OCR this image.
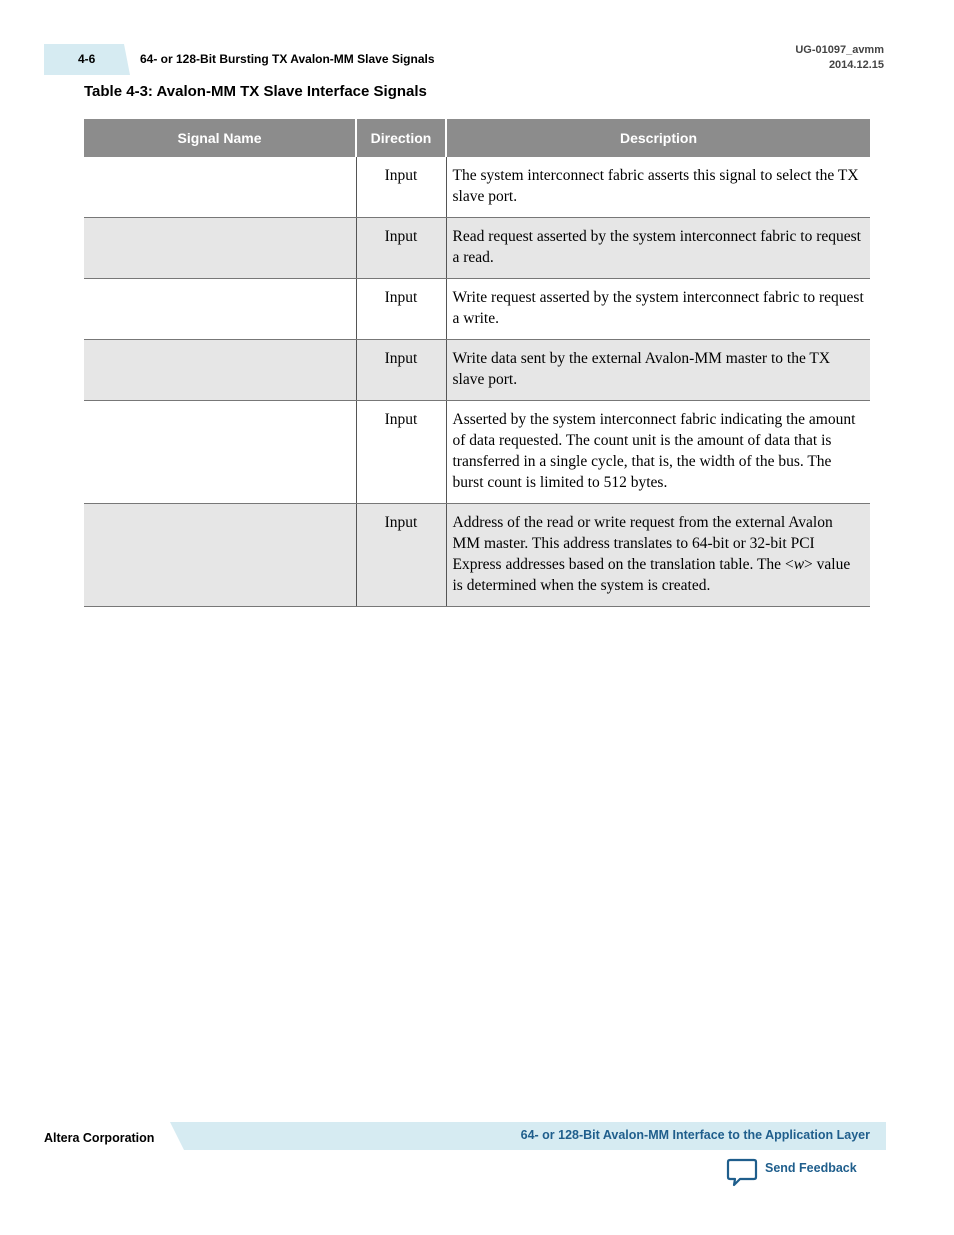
4-6	64- or 128-Bit Bursting TX Avalon-MM Slave Signals
UG-01097_avmm
2014.12.15
Table 4-3: Avalon-MM TX Slave Interface Signals
Signal Name	Direction	Description
	Input	The system interconnect fabric asserts this signal to select the TX slave port.
	Input	Read request asserted by the system interconnect fabric to request a read.
	Input	Write request asserted by the system interconnect fabric to request a write.
	Input	Write data sent by the external Avalon-MM master to the TX slave port.
	Input	Asserted by the system interconnect fabric indicating the amount of data requested. The count unit is the amount of data that is transferred in a single cycle, that is, the width of the bus. The burst count is limited to 512 bytes.
	Input	Address of the read or write request from the external Avalon MM master. This address translates to 64-bit or 32-bit PCI Express addresses based on the translation table. The <w> value is determined when the system is created.
Altera Corporation	64- or 128-Bit Avalon-MM Interface to the Application Layer
Send Feedback
